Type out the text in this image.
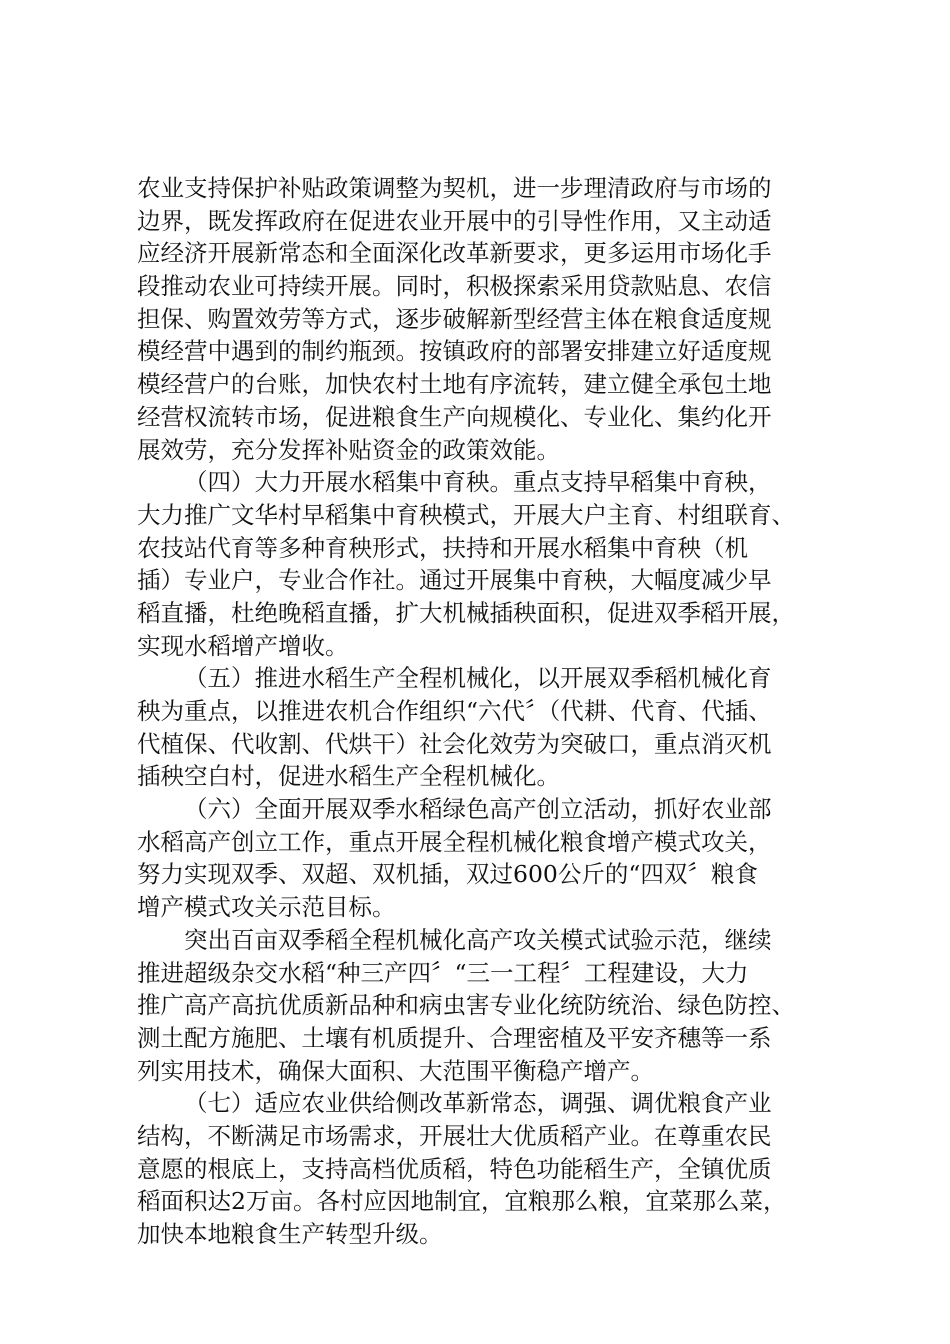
农业支持保护补贴政策调整为契机，进一步理清政府与市场的
边界，既发挥政府在促进农业开展中的引导性作用，又主动适
应经济开展新常态和全面深化改革新要求，更多运用市场化手
段推动农业可持续开展。同时，积极探索采用贷款贴息、农信
担保、购置效劳等方式，逐步破解新型经营主体在粮食适度规
模经营中遇到的制约瓶颈。按镇政府的部署安排建立好适度规
模经营户的台账，加快农村土地有序流转，建立健全承包土地
经营权流转市场，促进粮食生产向规模化、专业化、集约化开
展效劳，充分发挥补贴资金的政策效能。
（四）大力开展水稻集中育秧。重点支持早稻集中育秧，
大力推广文华村早稻集中育秧模式，开展大户主育、村组联育、
农技站代育等多种育秧形式，扶持和开展水稻集中育秧（机
插）专业户，专业合作社。通过开展集中育秧，大幅度减少早
稻直播，杜绝晚稻直播，扩大机械插秧面积，促进双季稻开展，
实现水稻增产增收。
（五）推进水稻生产全程机械化，以开展双季稻机械化育
秧为重点，以推进农机合作组织“六代〞（代耕、代育、代插、
代植保、代收割、代烘干）社会化效劳为突破口，重点消灭机
插秧空白村，促进水稻生产全程机械化。
（六）全面开展双季水稻绿色高产创立活动，抓好农业部
水稻高产创立工作，重点开展全程机械化粮食增产模式攻关，
努力实现双季、双超、双机插，双过600公斤的“四双〞粮食
增产模式攻关示范目标。
突出百亩双季稻全程机械化高产攻关模式试验示范，继续
推进超级杂交水稻“种三产四〞“三一工程〞工程建设，大力
推广高产高抗优质新品种和病虫害专业化统防统治、绿色防控、
测土配方施肥、土壤有机质提升、合理密植及平安齐穗等一系
列实用技术，确保大面积、大范围平衡稳产增产。
（七）适应农业供给侧改革新常态，调强、调优粮食产业
结构，不断满足市场需求，开展壮大优质稻产业。在尊重农民
意愿的根底上，支持高档优质稻，特色功能稻生产，全镇优质
稻面积达2万亩。各村应因地制宜，宜粮那么粮，宜菜那么菜，
加快本地粮食生产转型升级。
